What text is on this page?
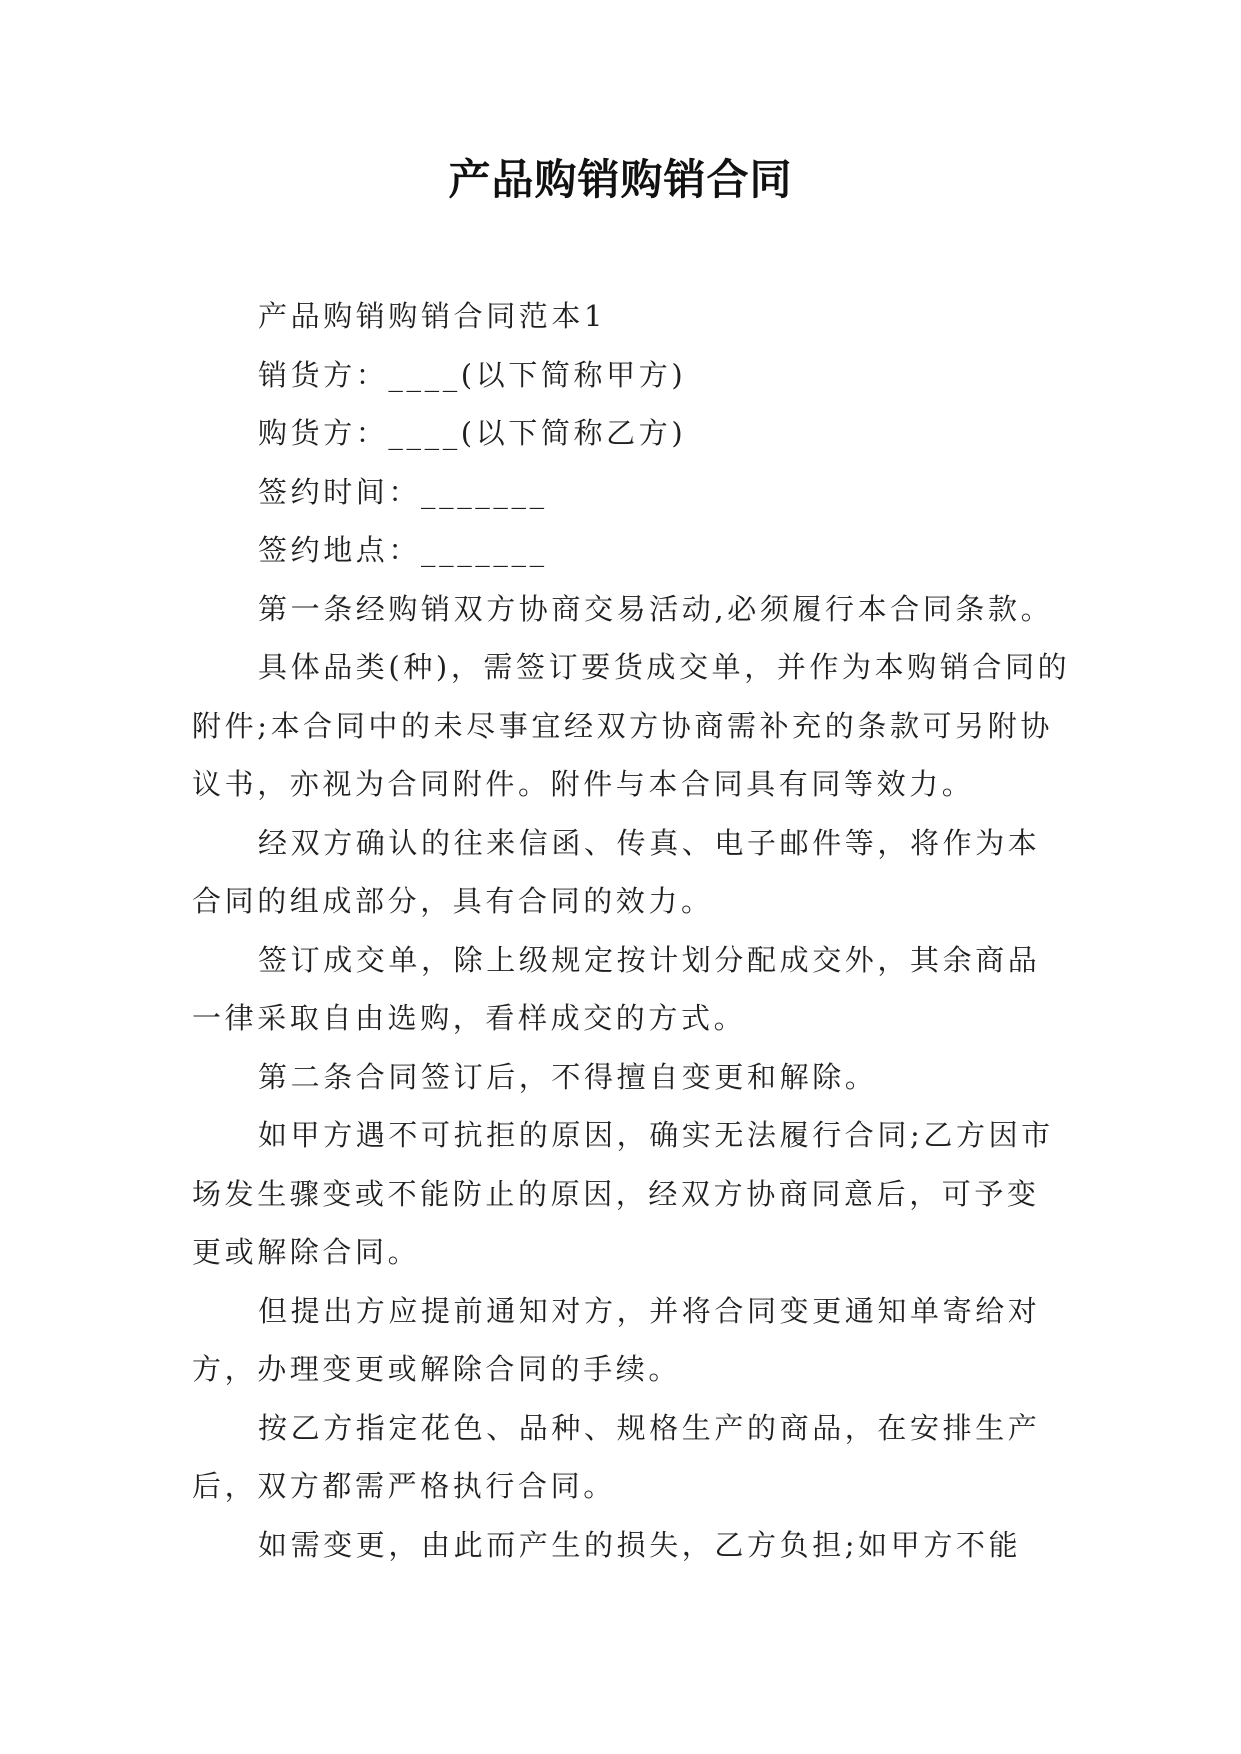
产品购销购销合同

产品购销购销合同范本1

销货方：____(以下简称甲方)

购货方：____(以下简称乙方)

签约时间：_______

签约地点：_______

第一条经购销双方协商交易活动,必须履行本合同条款。

具体品类(种)，需签订要货成交单，并作为本购销合同的附件;本合同中的未尽事宜经双方协商需补充的条款可另附协议书，亦视为合同附件。附件与本合同具有同等效力。

经双方确认的往来信函、传真、电子邮件等，将作为本合同的组成部分，具有合同的效力。

签订成交单，除上级规定按计划分配成交外，其余商品一律采取自由选购，看样成交的方式。

第二条合同签订后，不得擅自变更和解除。

如甲方遇不可抗拒的原因，确实无法履行合同;乙方因市场发生骤变或不能防止的原因，经双方协商同意后，可予变更或解除合同。

但提出方应提前通知对方，并将合同变更通知单寄给对方，办理变更或解除合同的手续。

按乙方指定花色、品种、规格生产的商品，在安排生产后，双方都需严格执行合同。

如需变更，由此而产生的损失，乙方负担;如甲方不能
